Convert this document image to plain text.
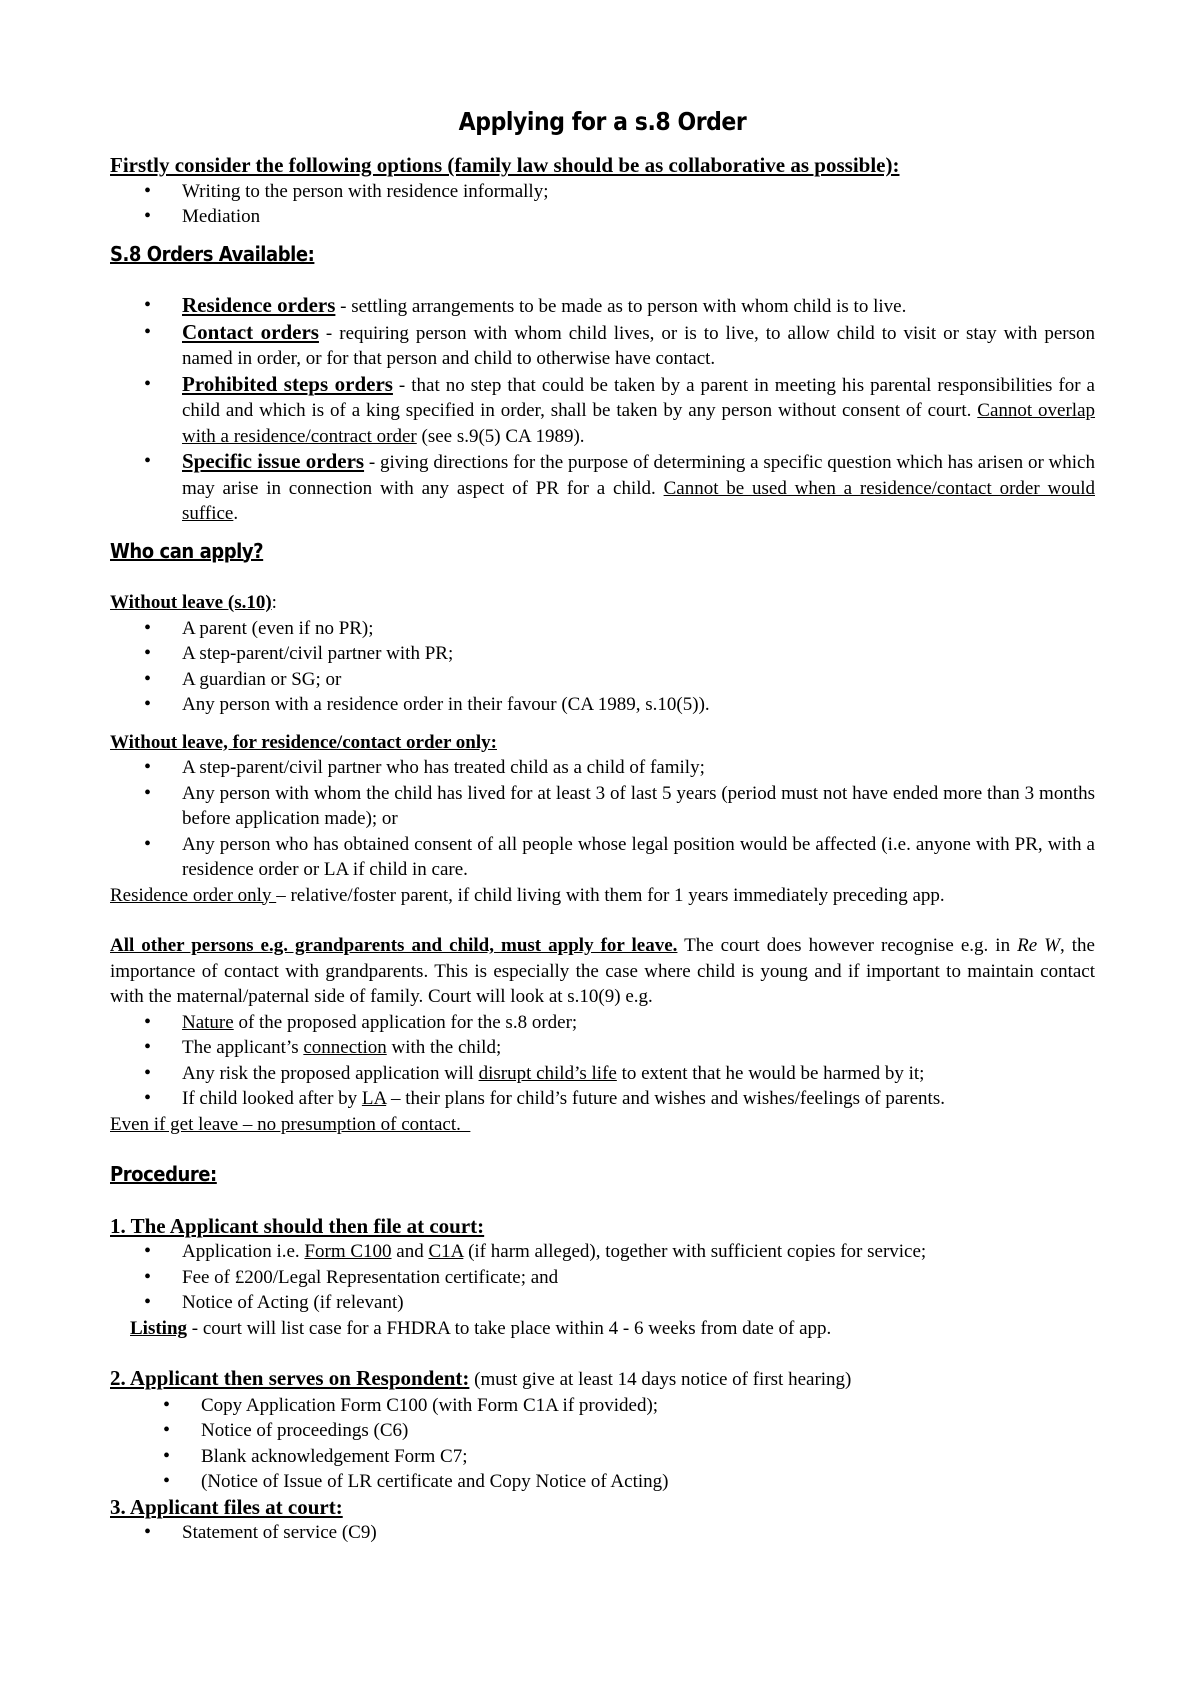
Applying for a s.8 Order
Firstly consider the following options (family law should be as collaborative as possible):
• Writing to the person with residence informally;
• Mediation
S.8 Orders Available:
• Residence orders - settling arrangements to be made as to person with whom child is to live.
• Contact orders - requiring person with whom child lives, or is to live, to allow child to visit or stay with person named in order, or for that person and child to otherwise have contact.
• Prohibited steps orders - that no step that could be taken by a parent in meeting his parental responsibilities for a child and which is of a king specified in order, shall be taken by any person without consent of court. Cannot overlap with a residence/contract order (see s.9(5) CA 1989).
• Specific issue orders - giving directions for the purpose of determining a specific question which has arisen or which may arise in connection with any aspect of PR for a child. Cannot be used when a residence/contact order would suffice.
Who can apply?
Without leave (s.10):
• A parent (even if no PR);
• A step-parent/civil partner with PR;
• A guardian or SG; or
• Any person with a residence order in their favour (CA 1989, s.10(5)).
Without leave, for residence/contact order only:
• A step-parent/civil partner who has treated child as a child of family;
• Any person with whom the child has lived for at least 3 of last 5 years (period must not have ended more than 3 months before application made); or
• Any person who has obtained consent of all people whose legal position would be affected (i.e. anyone with PR, with a residence order or LA if child in care.

Residence order only – relative/foster parent, if child living with them for 1 years immediately preceding app.

All other persons e.g. grandparents and child, must apply for leave. The court does however recognise e.g. in Re W, the importance of contact with grandparents. This is especially the case where child is young and if important to maintain contact with the maternal/paternal side of family. Court will look at s.10(9) e.g.

• Nature of the proposed application for the s.8 order;
• The applicant’s connection with the child;
• Any risk the proposed application will disrupt child’s life to extent that he would be harmed by it;
• If child looked after by LA – their plans for child’s future and wishes and wishes/feelings of parents.

Even if get leave – no presumption of contact.

Procedure:
1. The Applicant should then file at court:
• Application i.e. Form C100 and C1A (if harm alleged), together with sufficient copies for service;
• Fee of £200/Legal Representation certificate; and
• Notice of Acting (if relevant)

Listing - court will list case for a FHDRA to take place within 4 - 6 weeks from date of app.

2. Applicant then serves on Respondent: (must give at least 14 days notice of first hearing)
• Copy Application Form C100 (with Form C1A if provided);
• Notice of proceedings (C6)
• Blank acknowledgement Form C7;
• (Notice of Issue of LR certificate and Copy Notice of Acting)
3. Applicant files at court:
• Statement of service (C9)
